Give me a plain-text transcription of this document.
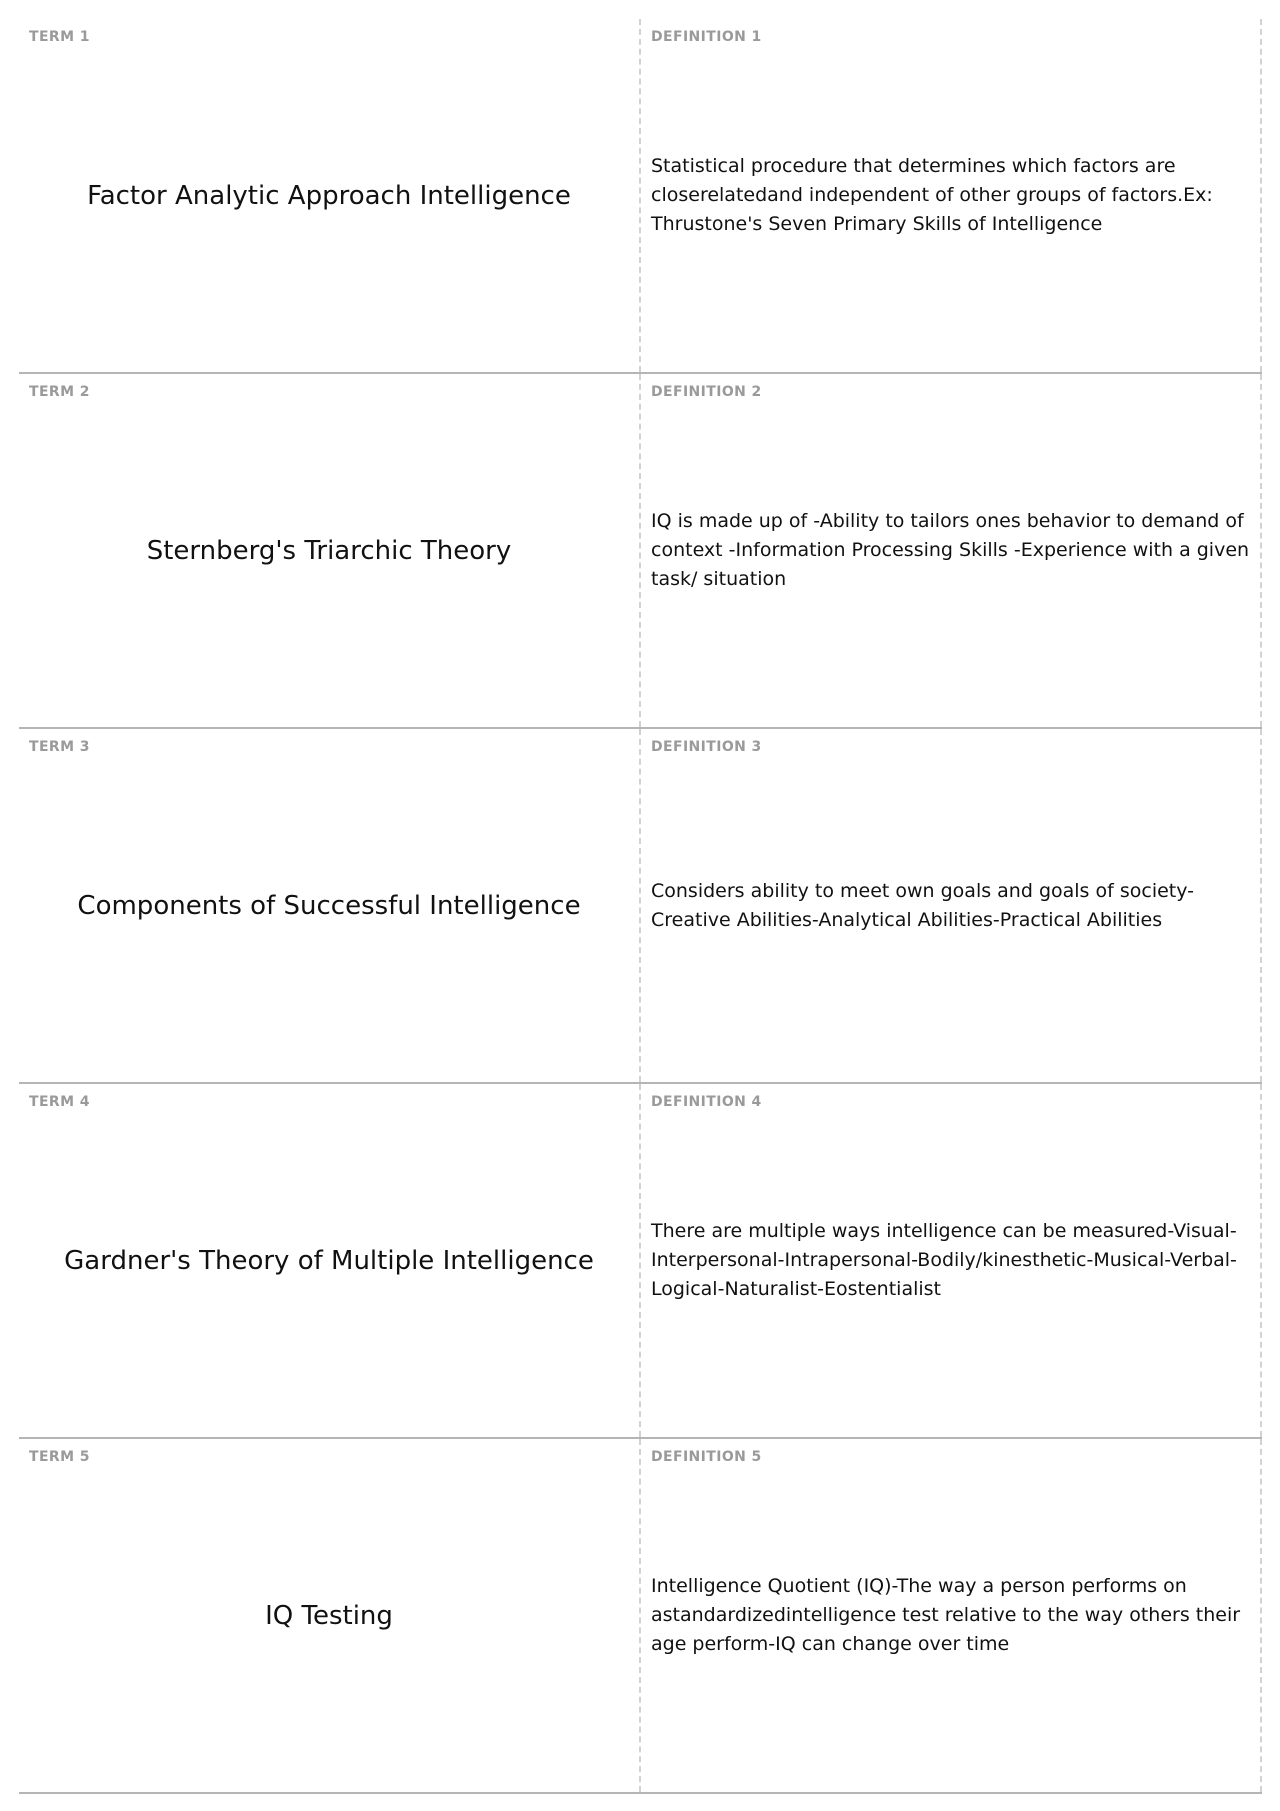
TERM 1
Factor Analytic Approach Intelligence
DEFINITION 1
Statistical procedure that determines which factors are closerelatedand independent of other groups of factors.Ex: Thrustone's Seven Primary Skills of Intelligence
TERM 2
Sternberg's Triarchic Theory
DEFINITION 2
IQ is made up of -Ability to tailors ones behavior to demand of context -Information Processing Skills -Experience with a given task/ situation
TERM 3
Components of Successful Intelligence
DEFINITION 3
Considers ability to meet own goals and goals of society-Creative Abilities-Analytical Abilities-Practical Abilities
TERM 4
Gardner's Theory of Multiple Intelligence
DEFINITION 4
There are multiple ways intelligence can be measured-Visual-Interpersonal-Intrapersonal-Bodily/kinesthetic-Musical-Verbal-Logical-Naturalist-Eostentialist
TERM 5
IQ Testing
DEFINITION 5
Intelligence Quotient (IQ)-The way a person performs on astandardizedintelligence test relative to the way others their age perform-IQ can change over time
